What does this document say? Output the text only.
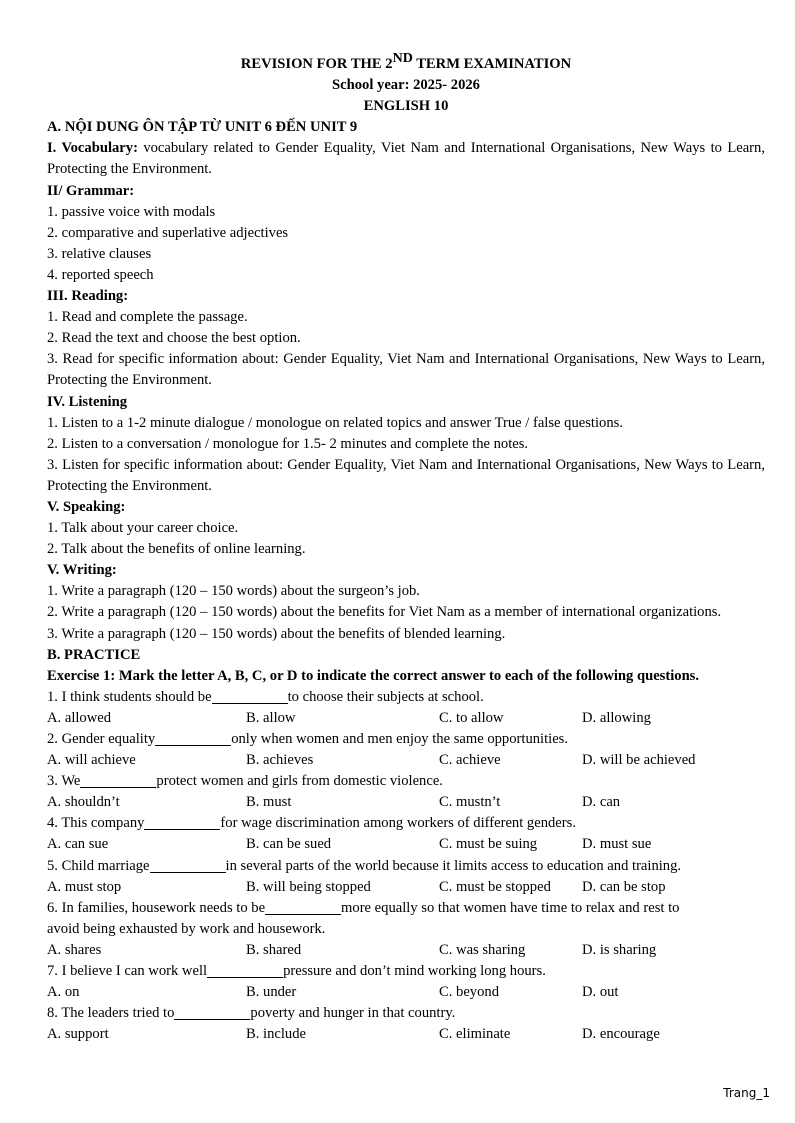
REVISION FOR THE 2ND TERM EXAMINATION
School year: 2025- 2026
ENGLISH 10
A. NỘI DUNG ÔN TẬP TỪ UNIT 6 ĐẾN UNIT 9
I. Vocabulary: vocabulary related to Gender Equality, Viet Nam and International Organisations, New Ways to Learn, Protecting the Environment.
II/ Grammar:
1. passive voice with modals
2. comparative and superlative adjectives
3. relative clauses
4. reported speech
III. Reading:
1. Read and complete the passage.
2. Read the text and choose the best option.
3. Read for specific information about: Gender Equality, Viet Nam and International Organisations, New Ways to Learn, Protecting the Environment.
IV. Listening
1. Listen to a 1-2 minute dialogue / monologue on related topics and answer True / false questions.
2. Listen to a conversation / monologue for 1.5- 2 minutes and complete the notes.
3. Listen for specific information about: Gender Equality, Viet Nam and International Organisations, New Ways to Learn, Protecting the Environment.
V. Speaking:
1. Talk about your career choice.
2. Talk about the benefits of online learning.
V. Writing:
1. Write a paragraph (120 – 150 words) about the surgeon’s job.
2. Write a paragraph (120 – 150 words) about the benefits for Viet Nam as a member of international organizations.
3. Write a paragraph (120 – 150 words) about the benefits of blended learning.
B. PRACTICE
Exercise 1: Mark the letter A, B, C, or D to indicate the correct answer to each of the following questions.
1. I think students should be	to choose their subjects at school.
A. allowed	B. allow	C. to allow	D. allowing
2. Gender equality	only when women and men enjoy the same opportunities.
A. will achieve	B. achieves	C. achieve	D. will be achieved
3. We	protect women and girls from domestic violence.
A. shouldn’t	B. must	C. mustn’t	D. can
4. This company	for wage discrimination among workers of different genders.
A. can sue	B. can be sued	C. must be suing	D. must sue
5. Child marriage	in several parts of the world because it limits access to education and training.
A. must stop	B. will being stopped	C. must be stopped	D. can be stop
6. In families, housework needs to be	more equally so that women have time to relax and rest to
avoid being exhausted by work and housework.
A. shares	B. shared	C. was sharing	D. is sharing
7. I believe I can work well	pressure and don’t mind working long hours.
A. on	B. under	C. beyond	D. out
8. The leaders tried to	poverty and hunger in that country.
A. support	B. include	C. eliminate	D. encourage
Trang_1
